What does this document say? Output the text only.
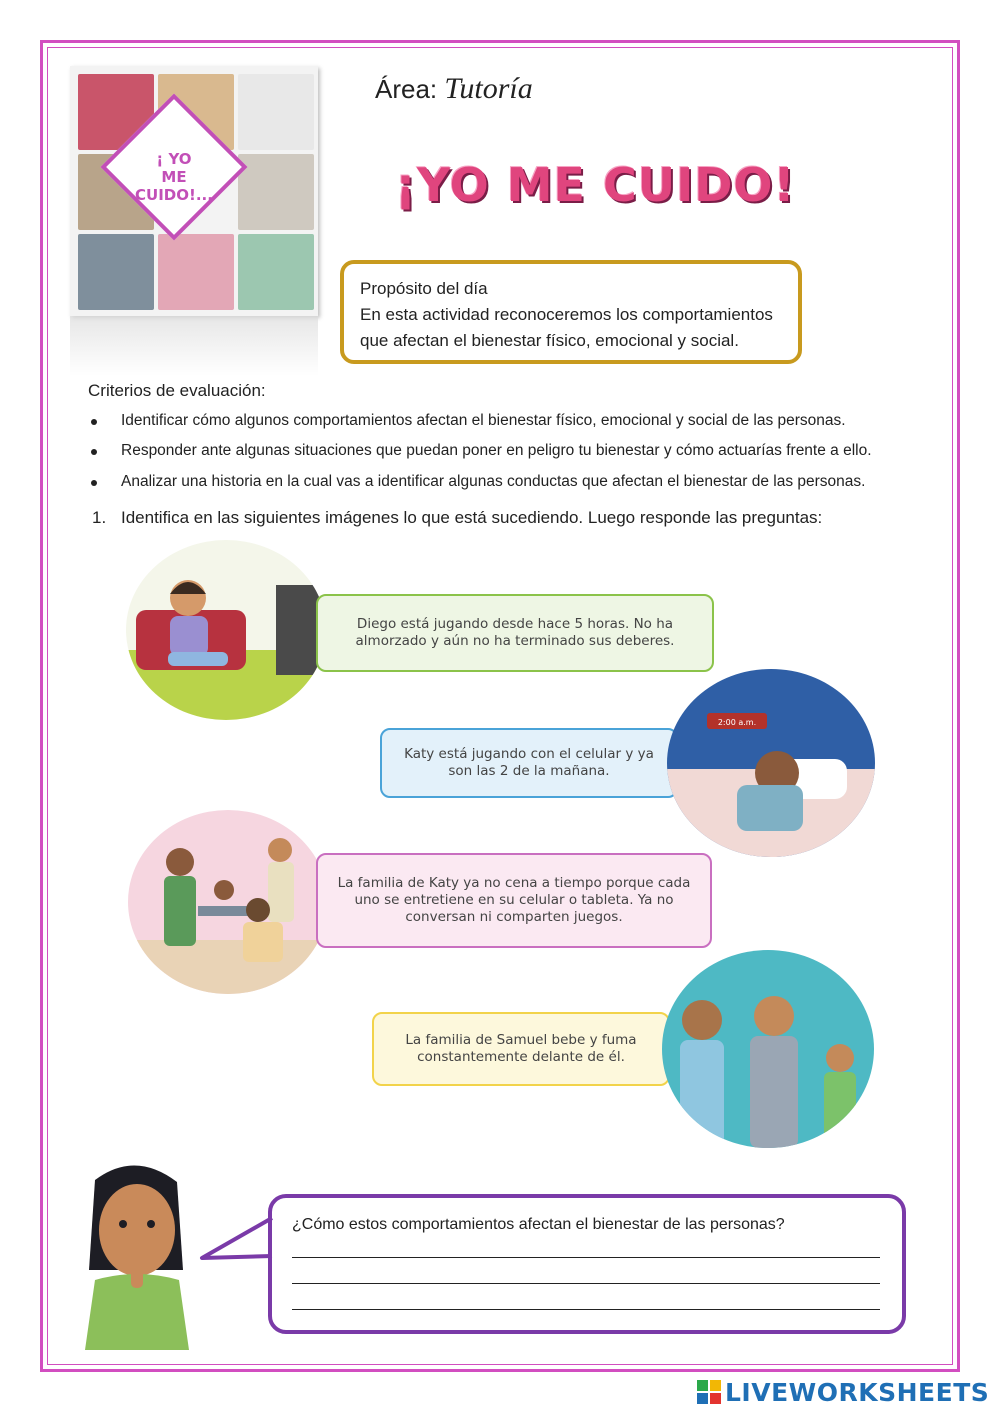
¡ YO
ME CUIDO!...
Área: Tutoría
¡YO ME CUIDO!
Propósito del día
En esta actividad reconoceremos los comportamientos
que afectan el bienestar físico, emocional y social.
Criterios de evaluación:
Identificar cómo algunos comportamientos afectan el bienestar físico, emocional y social de las personas.
Responder ante algunas situaciones que puedan poner en peligro tu bienestar y cómo actuarías frente a ello.
Analizar una historia en la cual vas a identificar algunas conductas que afectan el bienestar de las personas.
1. Identifica en las siguientes imágenes lo que está sucediendo. Luego responde las preguntas:
Diego está jugando desde hace 5 horas. No ha almorzado y aún no ha terminado sus deberes.
Katy está jugando con el celular y ya son las 2 de la mañana.
2:00 a.m.
La familia de Katy ya no cena a tiempo porque cada uno se entretiene en su celular o tableta. Ya no conversan ni comparten juegos.
La familia de Samuel bebe y fuma constantemente delante de él.
¿Cómo estos comportamientos afectan el bienestar de las personas?
LIVEWORKSHEETS
